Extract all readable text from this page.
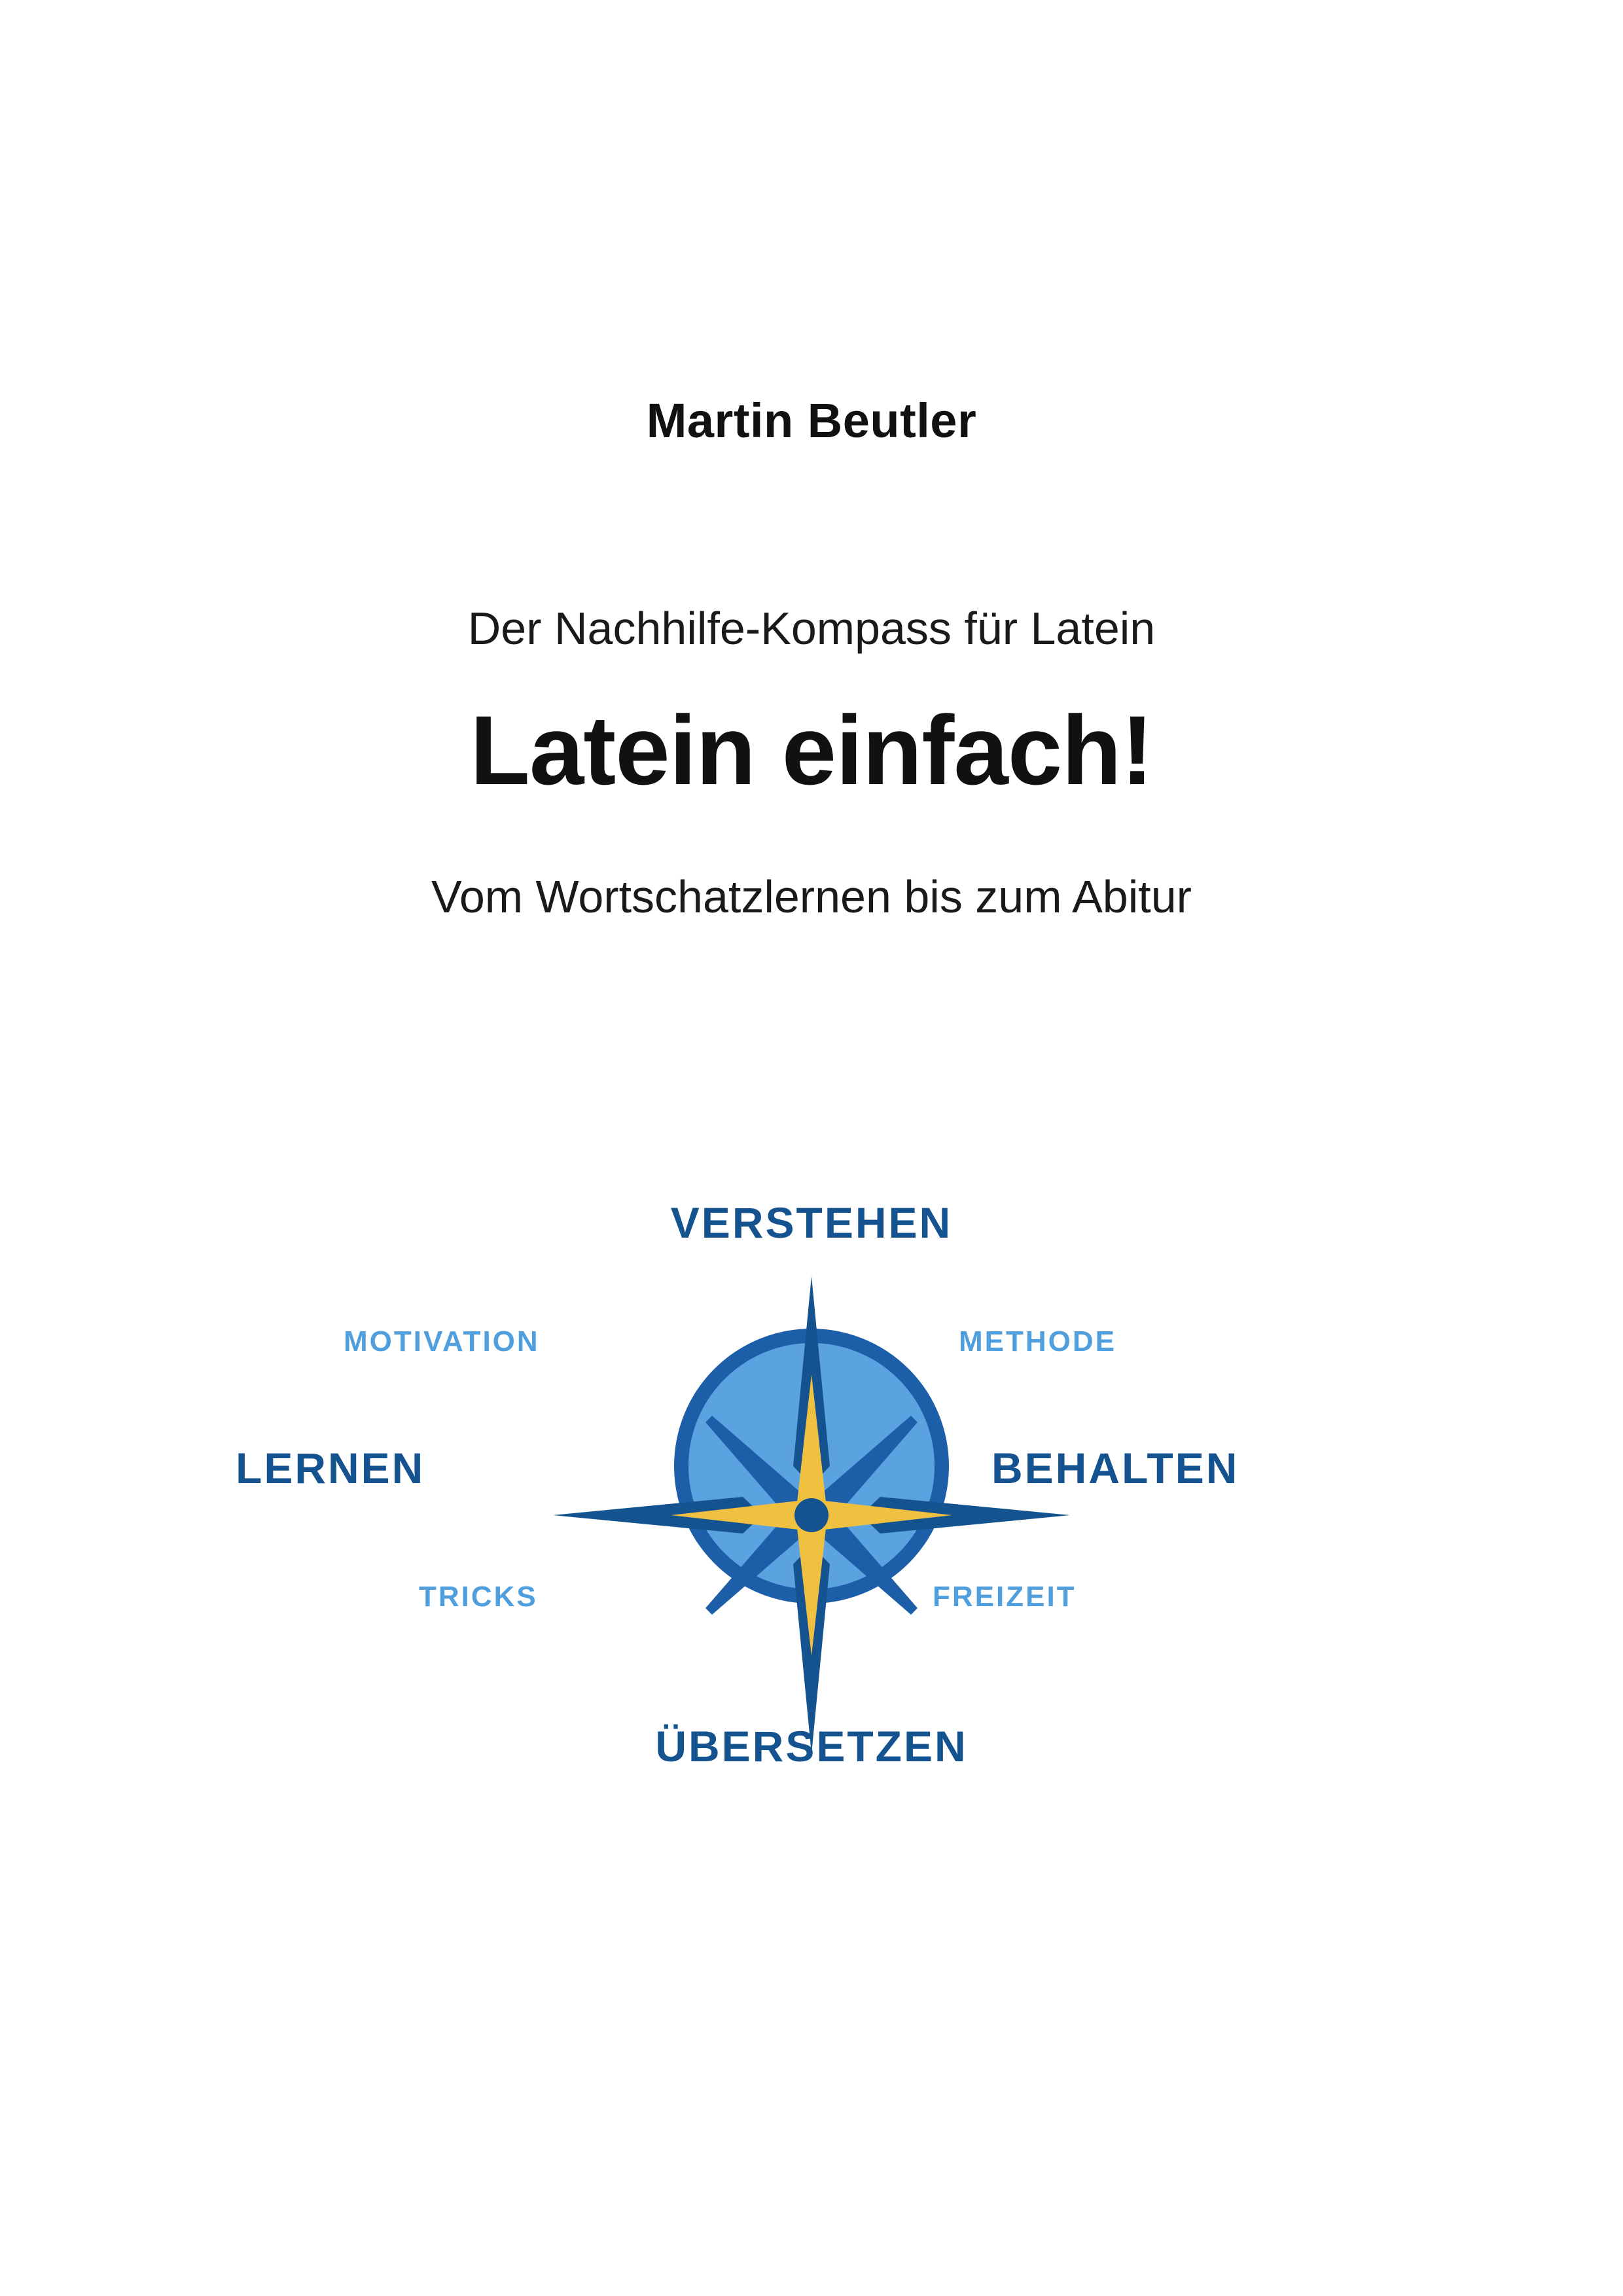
Martin Beutler
Der Nachhilfe-Kompass für Latein
Latein einfach!
Vom Wortschatzlernen bis zum Abitur
VERSTEHEN
LERNEN	BEHALTEN
ÜBERSETZEN
MOTIVATION	METHODE
TRICKS	FREIZEIT
